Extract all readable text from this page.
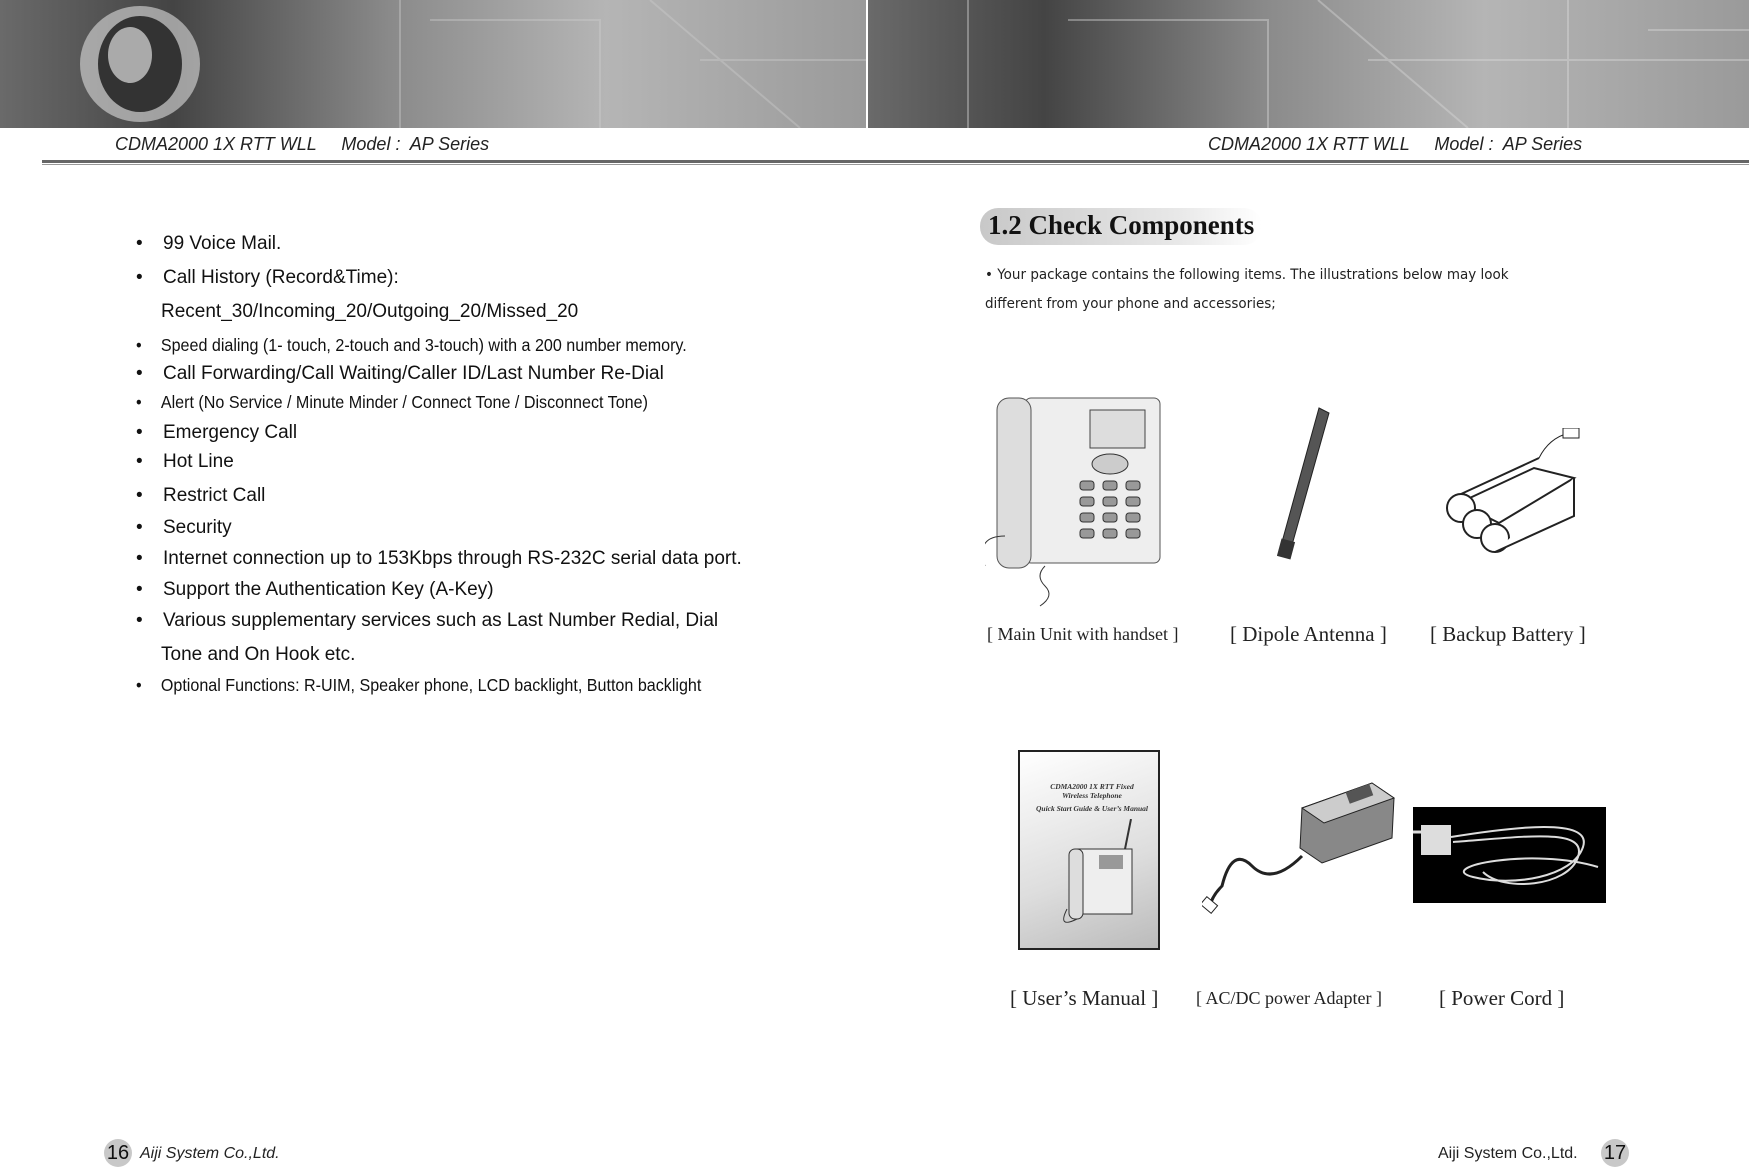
CDMA2000 1X RTT WLL     Model :  AP Series	CDMA2000 1X RTT WLL     Model :  AP Series
• 99 Voice Mail.
• Call History (Record&Time):
Recent_30/Incoming_20/Outgoing_20/Missed_20
• Speed dialing (1- touch, 2-touch and 3-touch) with a 200 number memory.
• Call Forwarding/Call Waiting/Caller ID/Last Number Re-Dial
• Alert (No Service / Minute Minder / Connect Tone / Disconnect Tone)
• Emergency Call
• Hot Line
• Restrict Call
• Security
• Internet connection up to 153Kbps through RS-232C serial data port.
• Support the Authentication Key (A-Key)
• Various supplementary services such as Last Number Redial, Dial
Tone and On Hook etc.
• Optional Functions: R-UIM, Speaker phone, LCD backlight, Button backlight
1.2 Check Components
• Your package contains the following items. The illustrations below may look
different from your phone and accessories;
[ Main Unit with handset ] [ Dipole Antenna ] [ Backup Battery ]
CDMA2000 1X RTT Fixed
Wireless Telephone
Quick Start Guide & User’s Manual
[ User’s Manual ] [ AC/DC power Adapter ]	[ Power Cord ]
16 Aiji System Co.,Ltd.	Aiji System Co.,Ltd. 17
